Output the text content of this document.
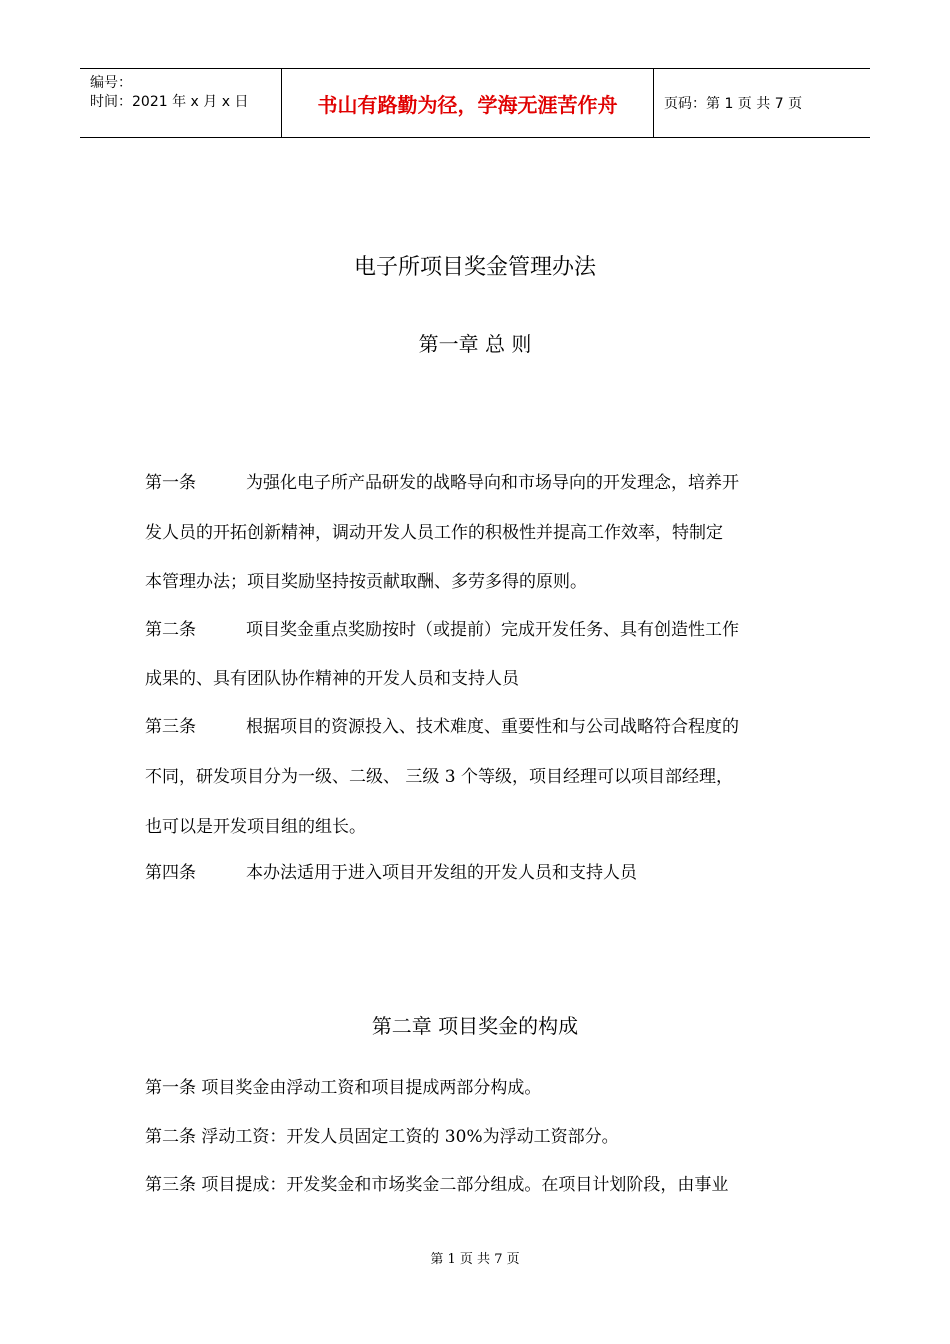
编号：
时间：2021 年 x 月 x 日	书山有路勤为径，学海无涯苦作舟	页码：第 1 页 共 7 页
电子所项目奖金管理办法
第一章 总 则
第一条	为强化电子所产品研发的战略导向和市场导向的开发理念，培养开
发人员的开拓创新精神，调动开发人员工作的积极性并提高工作效率，特制定
本管理办法；项目奖励坚持按贡献取酬、多劳多得的原则。
第二条	项目奖金重点奖励按时（或提前）完成开发任务、具有创造性工作
成果的、具有团队协作精神的开发人员和支持人员
第三条	根据项目的资源投入、技术难度、重要性和与公司战略符合程度的
不同，研发项目分为一级、二级、 三级 3 个等级，项目经理可以项目部经理，
也可以是开发项目组的组长。
第四条	本办法适用于进入项目开发组的开发人员和支持人员
第二章 项目奖金的构成
第一条 项目奖金由浮动工资和项目提成两部分构成。
第二条 浮动工资：开发人员固定工资的 30%为浮动工资部分。
第三条 项目提成：开发奖金和市场奖金二部分组成。在项目计划阶段，由事业
第 1 页 共 7 页
